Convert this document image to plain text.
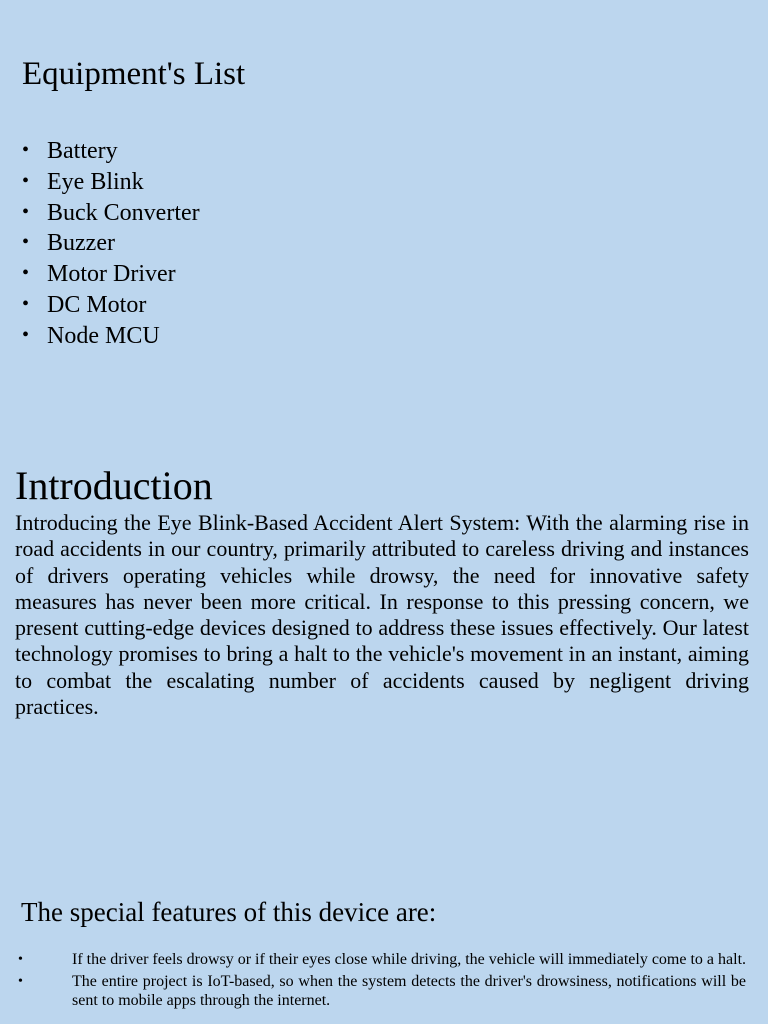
Equipment's List
• Battery
• Eye Blink
• Buck Converter
• Buzzer
• Motor Driver
• DC Motor
• Node MCU
Introduction

Introducing the Eye Blink-Based Accident Alert System: With the alarming rise in road accidents in our country, primarily attributed to careless driving and instances of drivers operating vehicles while drowsy, the need for innovative safety measures has never been more critical. In response to this pressing concern, we present cutting-edge devices designed to address these issues effectively. Our latest technology promises to bring a halt to the vehicle's movement in an instant, aiming to combat the escalating number of accidents caused by negligent driving practices.

The special features of this device are:
•	If the driver feels drowsy or if their eyes close while driving, the vehicle will immediately come to a halt.
•	The entire project is IoT-based, so when the system detects the driver's drowsiness, notifications will be sent to mobile apps through the internet.
